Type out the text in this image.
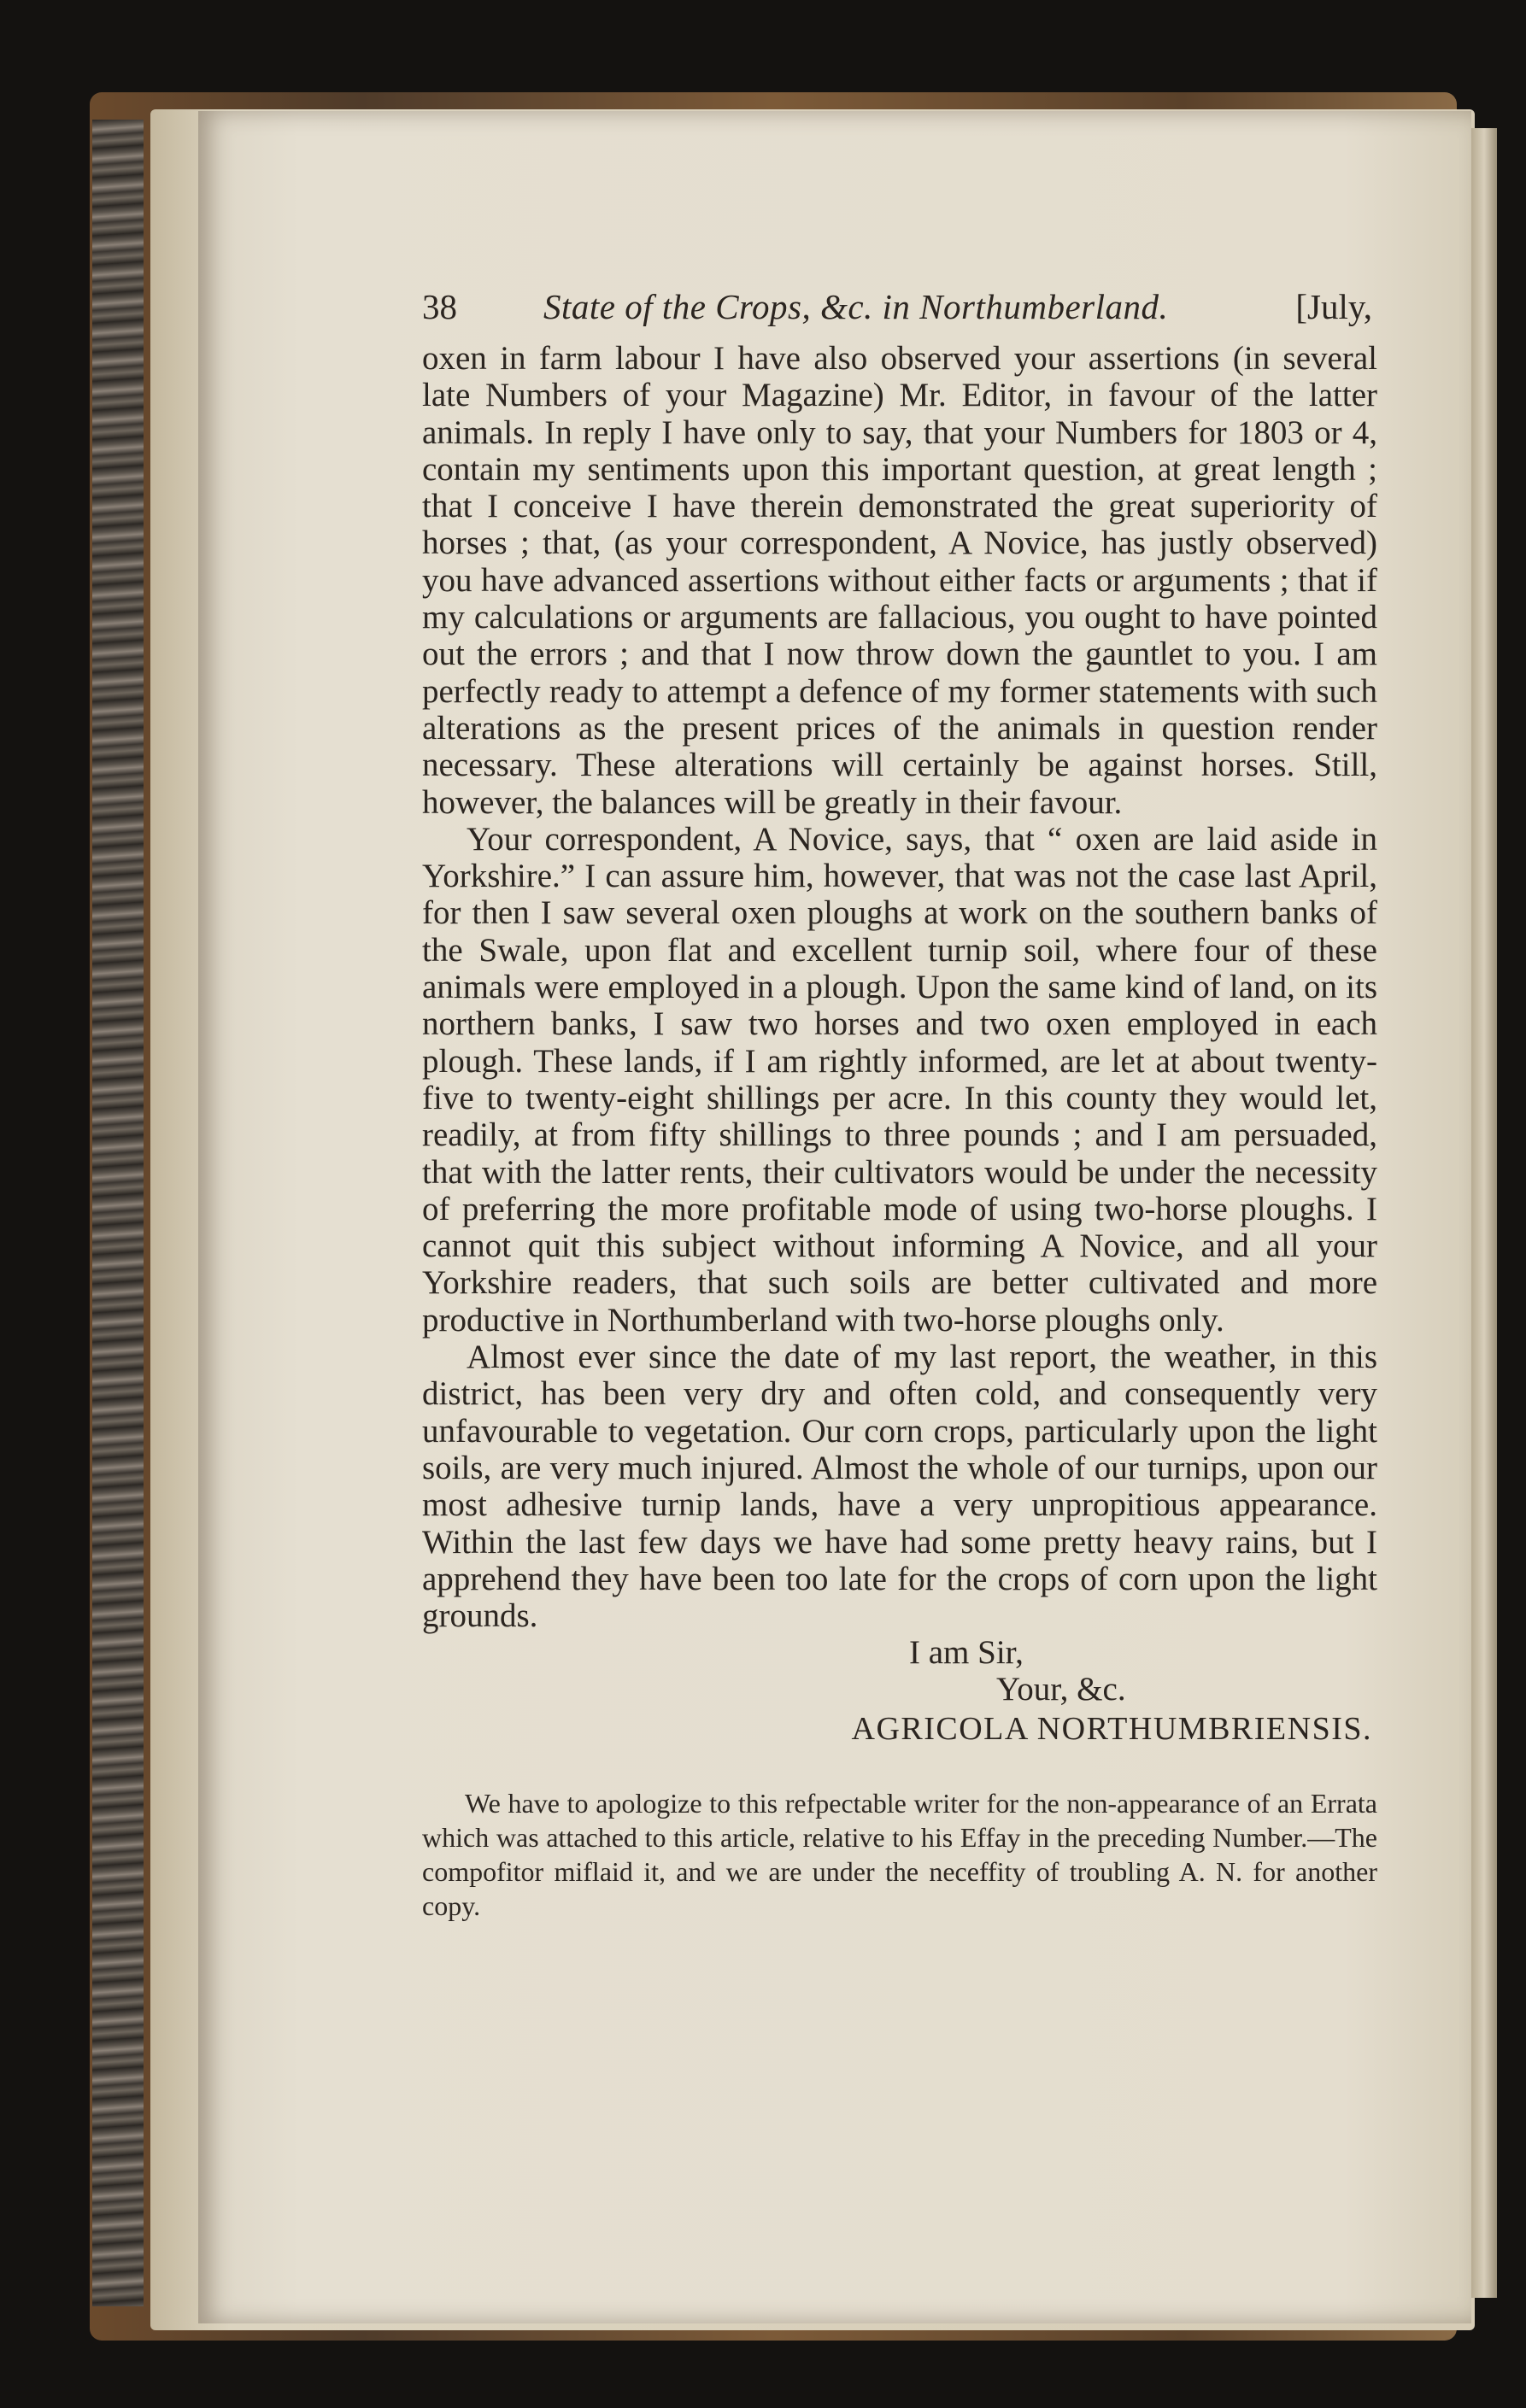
38 State of the Crops, &c. in Northumberland.	[July,

oxen in farm labour I have also observed your assertions (in several late Numbers of your Magazine) Mr. Editor, in favour of the latter animals. In reply I have only to say, that your Numbers for 1803 or 4, contain my sentiments upon this important question, at great length ; that I conceive I have therein demonstrated the great superiority of horses ; that, (as your correspondent, A Novice, has justly observed) you have advanced assertions without either facts or arguments ; that if my calculations or arguments are fallacious, you ought to have pointed out the errors ; and that I now throw down the gauntlet to you. I am perfectly ready to attempt a defence of my former statements with such alterations as the present prices of the animals in question render necessary. These alterations will certainly be against horses. Still, however, the balances will be greatly in their favour.

Your correspondent, A Novice, says, that “ oxen are laid aside in Yorkshire.” I can assure him, however, that was not the case last April, for then I saw several oxen ploughs at work on the southern banks of the Swale, upon flat and excellent turnip soil, where four of these animals were employed in a plough. Upon the same kind of land, on its northern banks, I saw two horses and two oxen employed in each plough. These lands, if I am rightly informed, are let at about twenty-five to twenty-eight shillings per acre. In this county they would let, readily, at from fifty shillings to three pounds ; and I am persuaded, that with the latter rents, their cultivators would be under the necessity of preferring the more profitable mode of using two-horse ploughs. I cannot quit this subject without informing A Novice, and all your Yorkshire readers, that such soils are better cultivated and more productive in Northumberland with two-horse ploughs only.

Almost ever since the date of my last report, the weather, in this district, has been very dry and often cold, and consequently very unfavourable to vegetation. Our corn crops, particularly upon the light soils, are very much injured. Almost the whole of our turnips, upon our most adhesive turnip lands, have a very unpropitious appearance. Within the last few days we have had some pretty heavy rains, but I apprehend they have been too late for the crops of corn upon the light grounds.

I am Sir,
Your, &c.
AGRICOLA NORTHUMBRIENSIS.

We have to apologize to this refpectable writer for the non-appearance of an Errata which was attached to this article, relative to his Effay in the preceding Number.—The compofitor miflaid it, and we are under the neceffity of troubling A. N. for another copy.
